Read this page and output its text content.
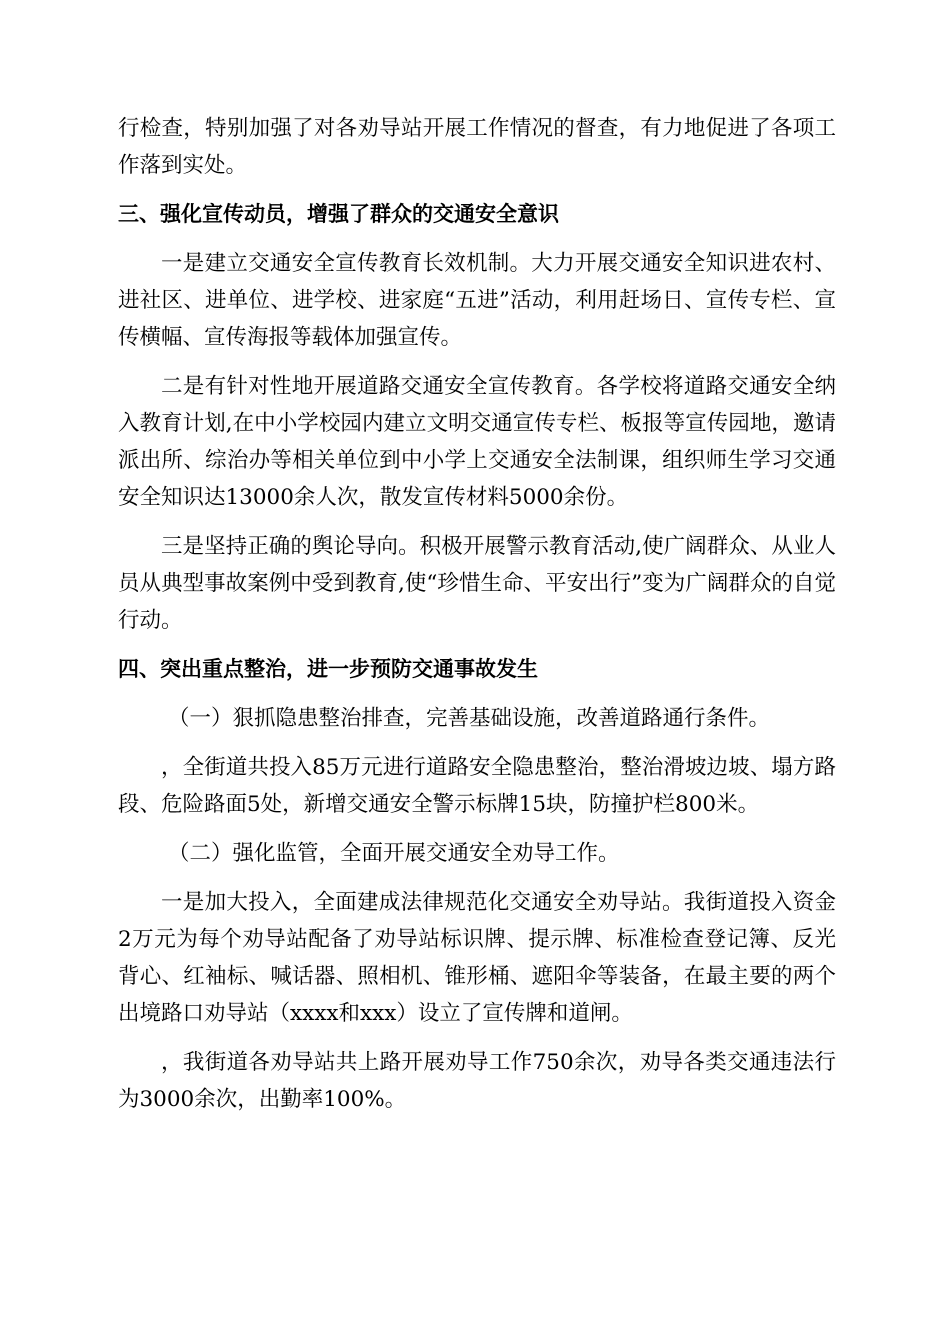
行检查，特别加强了对各劝导站开展工作情况的督查，有力地促进了各项工作落到实处。

三、强化宣传动员，增强了群众的交通安全意识

一是建立交通安全宣传教育长效机制。大力开展交通安全知识进农村、进社区、进单位、进学校、进家庭“五进”活动，利用赶场日、宣传专栏、宣传横幅、宣传海报等载体加强宣传。

二是有针对性地开展道路交通安全宣传教育。各学校将道路交通安全纳入教育计划,在中小学校园内建立文明交通宣传专栏、板报等宣传园地，邀请派出所、综治办等相关单位到中小学上交通安全法制课，组织师生学习交通安全知识达13000余人次，散发宣传材料5000余份。

三是坚持正确的舆论导向。积极开展警示教育活动,使广阔群众、从业人员从典型事故案例中受到教育,使“珍惜生命、平安出行”变为广阔群众的自觉行动。

四、突出重点整治，进一步预防交通事故发生

（一）狠抓隐患整治排查，完善基础设施，改善道路通行条件。

，全街道共投入85万元进行道路安全隐患整治，整治滑坡边坡、塌方路段、危险路面5处，新增交通安全警示标牌15块，防撞护栏800米。

（二）强化监管，全面开展交通安全劝导工作。

一是加大投入，全面建成法律规范化交通安全劝导站。我街道投入资金2万元为每个劝导站配备了劝导站标识牌、提示牌、标准检查登记簿、反光背心、红袖标、喊话器、照相机、锥形桶、遮阳伞等装备，在最主要的两个出境路口劝导站（xxxx和xxx）设立了宣传牌和道闸。

，我街道各劝导站共上路开展劝导工作750余次，劝导各类交通违法行为3000余次，出勤率100%。
